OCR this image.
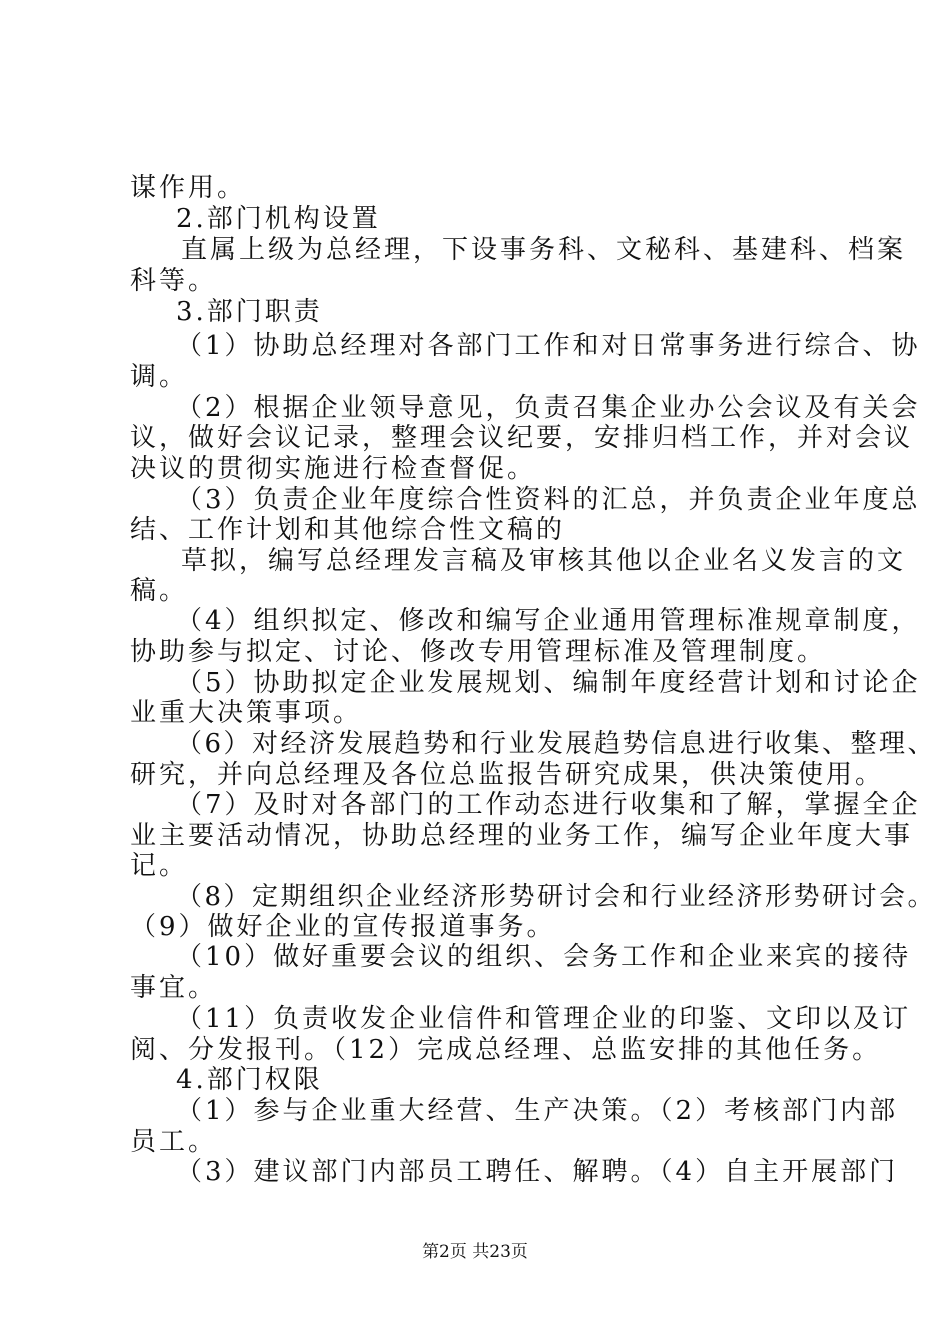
谋作用。
2.部门机构设置
直属上级为总经理，下设事务科、文秘科、基建科、档案
科等。
3.部门职责
（1）协助总经理对各部门工作和对日常事务进行综合、协
调。
（2）根据企业领导意见，负责召集企业办公会议及有关会
议，做好会议记录，整理会议纪要，安排归档工作，并对会议
决议的贯彻实施进行检查督促。
（3）负责企业年度综合性资料的汇总，并负责企业年度总
结、工作计划和其他综合性文稿的
草拟，编写总经理发言稿及审核其他以企业名义发言的文
稿。
（4）组织拟定、修改和编写企业通用管理标准规章制度，
协助参与拟定、讨论、修改专用管理标准及管理制度。
（5）协助拟定企业发展规划、编制年度经营计划和讨论企
业重大决策事项。
（6）对经济发展趋势和行业发展趋势信息进行收集、整理、
研究，并向总经理及各位总监报告研究成果，供决策使用。
（7）及时对各部门的工作动态进行收集和了解，掌握全企
业主要活动情况，协助总经理的业务工作，编写企业年度大事
记。
（8）定期组织企业经济形势研讨会和行业经济形势研讨会。
（9）做好企业的宣传报道事务。
（10）做好重要会议的组织、会务工作和企业来宾的接待
事宜。
（11）负责收发企业信件和管理企业的印鉴、文印以及订
阅、分发报刊。（12）完成总经理、总监安排的其他任务。
4.部门权限
（1）参与企业重大经营、生产决策。（2）考核部门内部
员工。
（3）建议部门内部员工聘任、解聘。（4）自主开展部门
第2页 共23页
